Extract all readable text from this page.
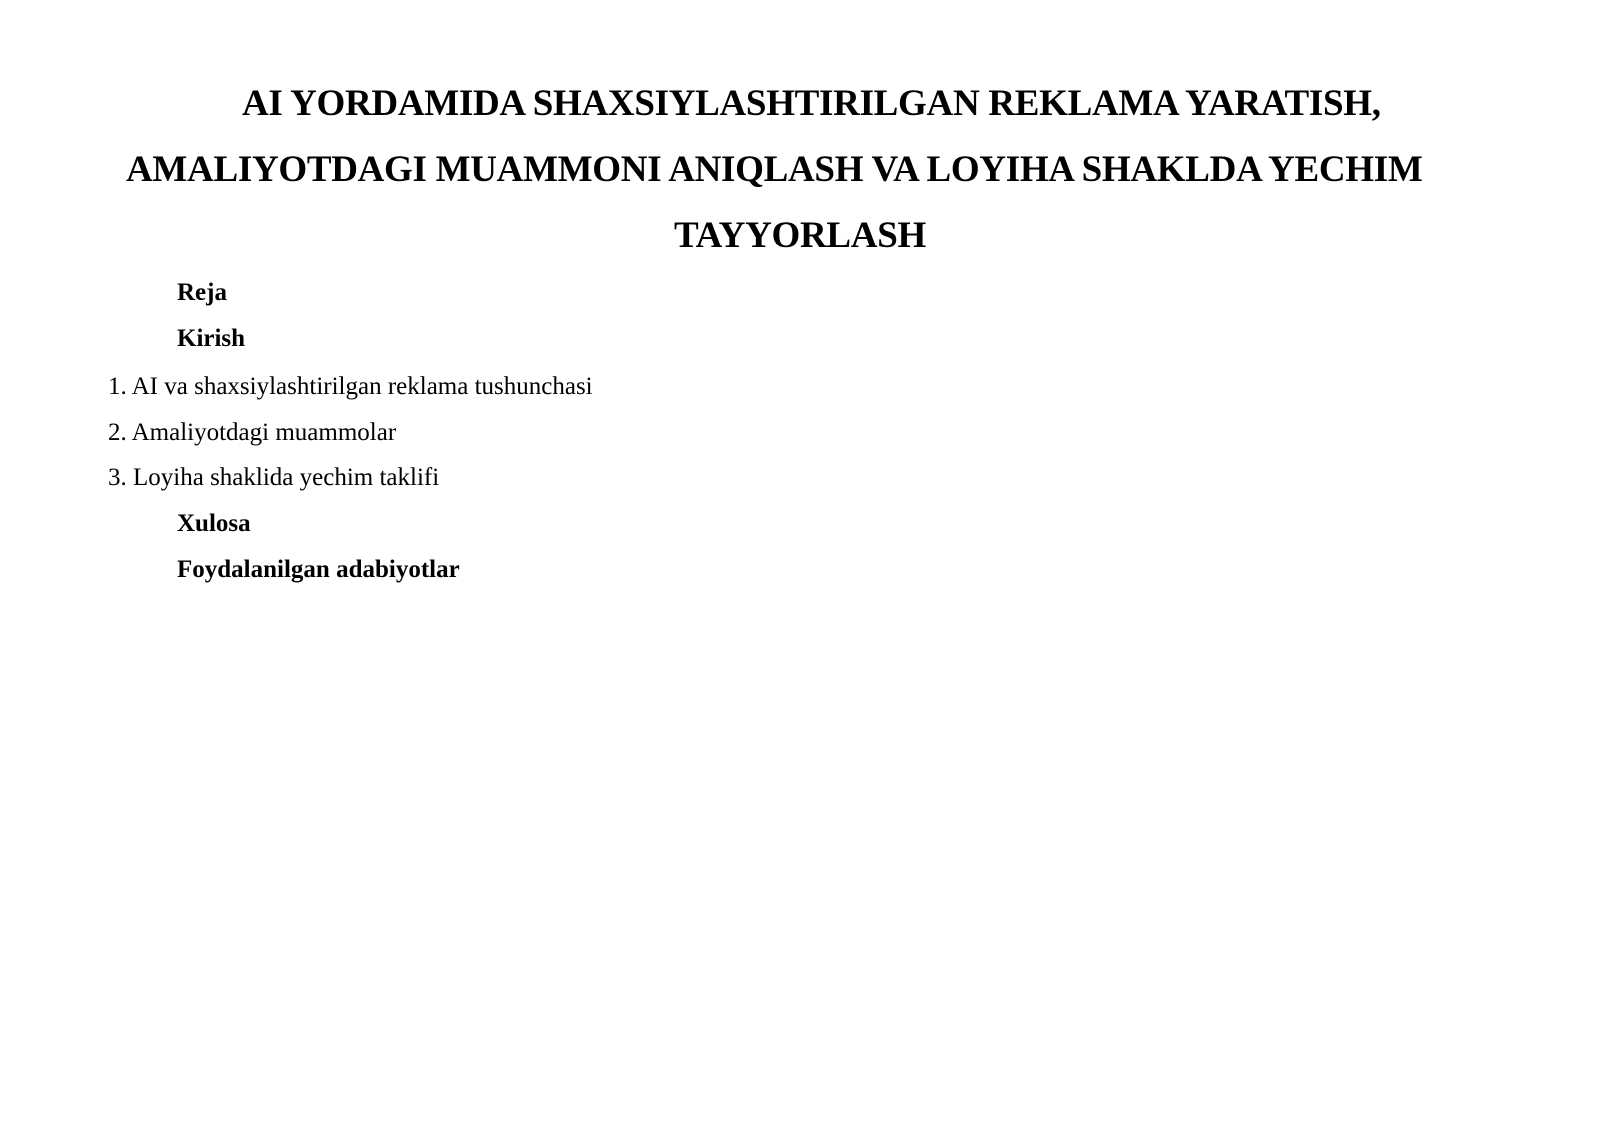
AI YORDAMIDA SHAXSIYLASHTIRILGAN REKLAMA YARATISH,
AMALIYOTDAGI MUAMMONI ANIQLASH VA LOYIHA SHAKLDA YECHIM
TAYYORLASH
Reja
Kirish
1. AI va shaxsiylashtirilgan reklama tushunchasi
2. Amaliyotdagi muammolar
3. Loyiha shaklida yechim taklifi
Xulosa
Foydalanilgan adabiyotlar
